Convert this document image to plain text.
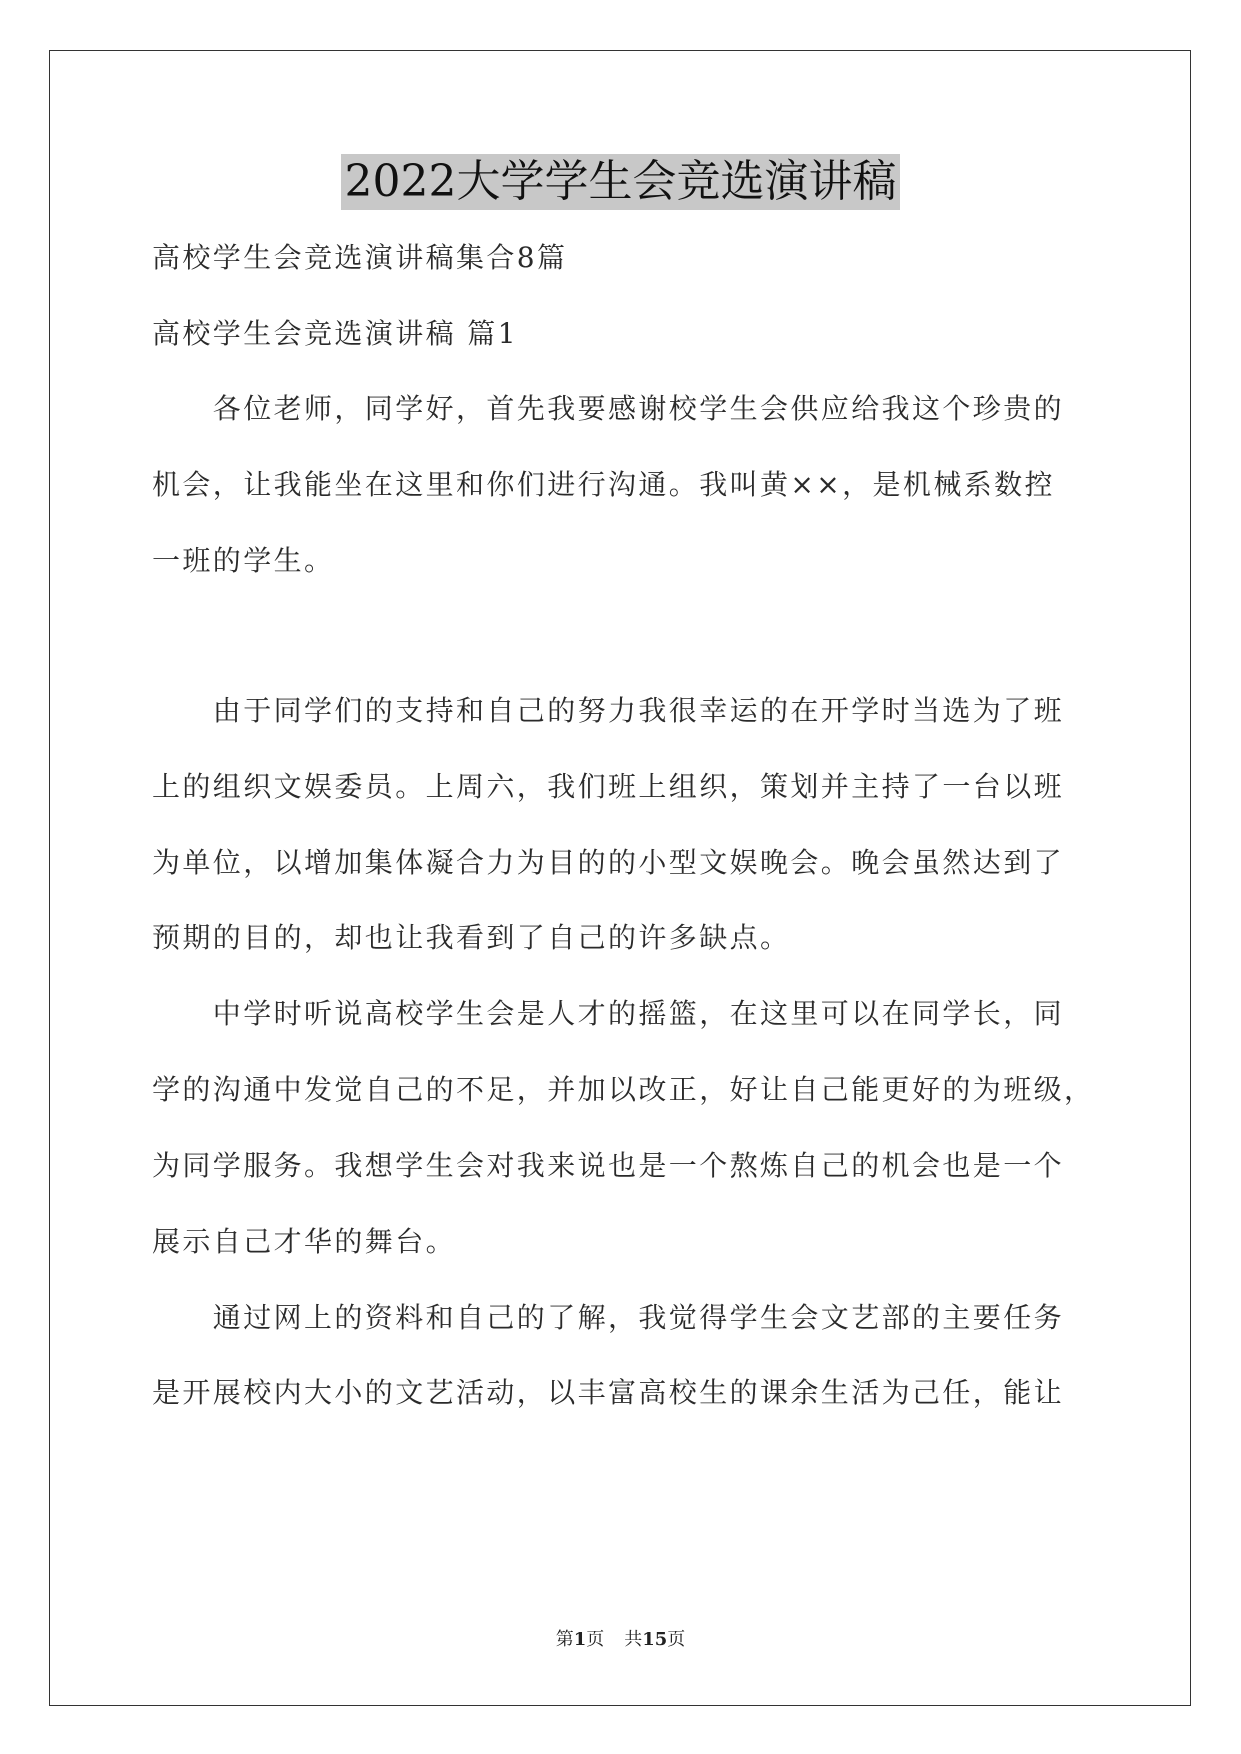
2022大学学生会竞选演讲稿
高校学生会竞选演讲稿集合8篇
高校学生会竞选演讲稿 篇1
　　各位老师，同学好，首先我要感谢校学生会供应给我这个珍贵的
机会，让我能坐在这里和你们进行沟通。我叫黄××，是机械系数控
一班的学生。
　　由于同学们的支持和自己的努力我很幸运的在开学时当选为了班
上的组织文娱委员。上周六，我们班上组织，策划并主持了一台以班
为单位，以增加集体凝合力为目的的小型文娱晚会。晚会虽然达到了
预期的目的，却也让我看到了自己的许多缺点。
　　中学时听说高校学生会是人才的摇篮，在这里可以在同学长，同
学的沟通中发觉自己的不足，并加以改正，好让自己能更好的为班级，
为同学服务。我想学生会对我来说也是一个熬炼自己的机会也是一个
展示自己才华的舞台。
　　通过网上的资料和自己的了解，我觉得学生会文艺部的主要任务
是开展校内大小的文艺活动，以丰富高校生的课余生活为己任，能让
第1页 共15页
